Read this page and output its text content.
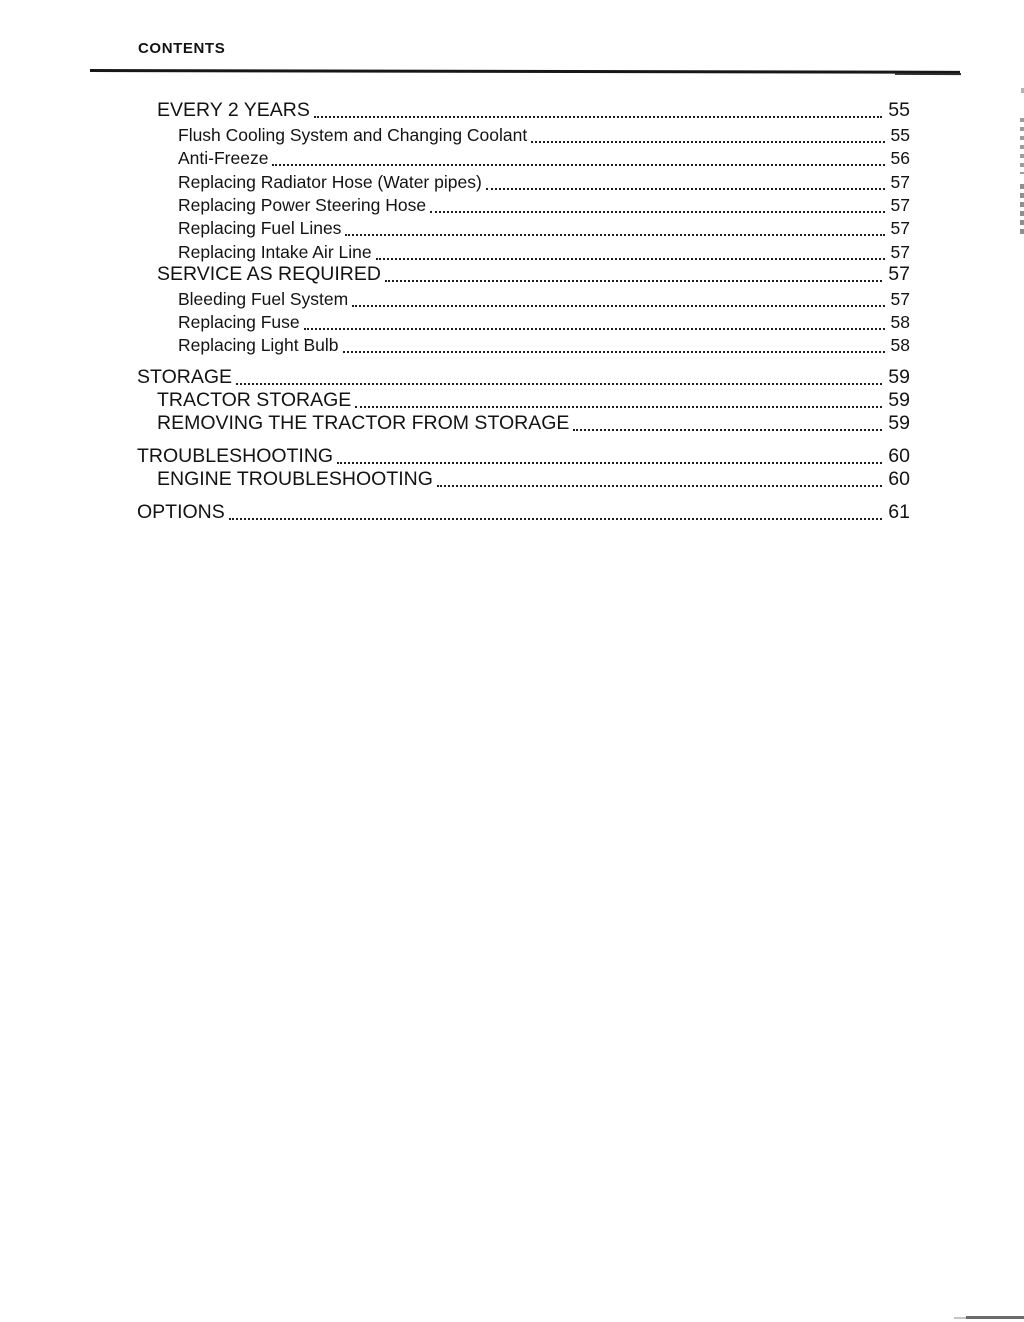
CONTENTS
EVERY 2 YEARS	55
Flush Cooling System and Changing Coolant	55
Anti-Freeze	56
Replacing Radiator Hose (Water pipes)	57
Replacing Power Steering Hose	57
Replacing Fuel Lines	57
Replacing Intake Air Line	57
SERVICE AS REQUIRED	57
Bleeding Fuel System	57
Replacing Fuse	58
Replacing Light Bulb	58
STORAGE	59
TRACTOR STORAGE	59
REMOVING THE TRACTOR FROM STORAGE	59
TROUBLESHOOTING	60
ENGINE TROUBLESHOOTING	60
OPTIONS	61
